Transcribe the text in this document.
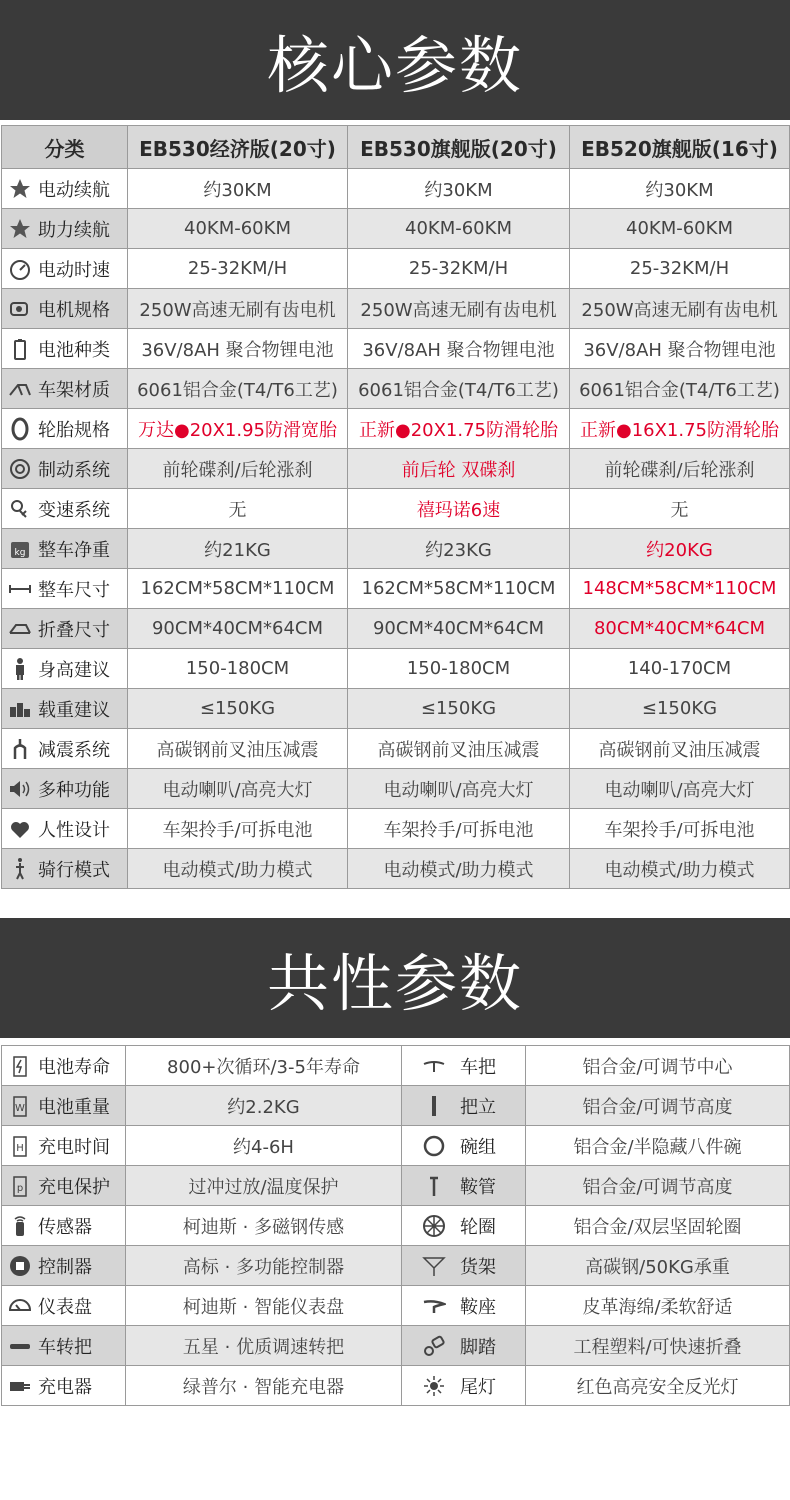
核心参数
分类	EB530经济版(20寸)	EB530旗舰版(20寸)	EB520旗舰版(16寸)

电动续航	约30KM	约30KM	约30KM

助力续航	40KM-60KM	40KM-60KM	40KM-60KM

电动时速	25-32KM/H	25-32KM/H	25-32KM/H

电机规格	250W高速无刷有齿电机	250W高速无刷有齿电机	250W高速无刷有齿电机

电池种类	36V/8AH 聚合物锂电池	36V/8AH 聚合物锂电池	36V/8AH 聚合物锂电池

车架材质	6061铝合金(T4/T6工艺)	6061铝合金(T4/T6工艺)	6061铝合金(T4/T6工艺)

轮胎规格	万达●20X1.95防滑宽胎	正新●20X1.75防滑轮胎	正新●16X1.75防滑轮胎

制动系统	前轮碟刹/后轮涨刹	前后轮 双碟刹	前轮碟刹/后轮涨刹

变速系统	无	禧玛诺6速	无

kg 整车净重	约21KG	约23KG	约20KG

整车尺寸	162CM*58CM*110CM	162CM*58CM*110CM	148CM*58CM*110CM

折叠尺寸	90CM*40CM*64CM	90CM*40CM*64CM	80CM*40CM*64CM

身高建议	150-180CM	150-180CM	140-170CM

载重建议	≤150KG	≤150KG	≤150KG

减震系统	高碳钢前叉油压减震	高碳钢前叉油压减震	高碳钢前叉油压减震

多种功能	电动喇叭/高亮大灯	电动喇叭/高亮大灯	电动喇叭/高亮大灯

人性设计	车架拎手/可拆电池	车架拎手/可拆电池	车架拎手/可拆电池

骑行模式	电动模式/助力模式	电动模式/助力模式	电动模式/助力模式
共性参数
电池寿命	800+次循环/3-5年寿命	车把	铝合金/可调节中心

W 电池重量	约2.2KG	把立	铝合金/可调节高度

H 充电时间	约4-6H	碗组	铝合金/半隐藏八件碗

p 充电保护	过冲过放/温度保护	鞍管	铝合金/可调节高度

传感器	柯迪斯 · 多磁钢传感	轮圈	铝合金/双层坚固轮圈

控制器	高标 · 多功能控制器	货架	高碳钢/50KG承重

仪表盘	柯迪斯 · 智能仪表盘	鞍座	皮革海绵/柔软舒适

车转把	五星 · 优质调速转把	脚踏	工程塑料/可快速折叠

充电器	绿普尔 · 智能充电器	尾灯	红色高亮安全反光灯
